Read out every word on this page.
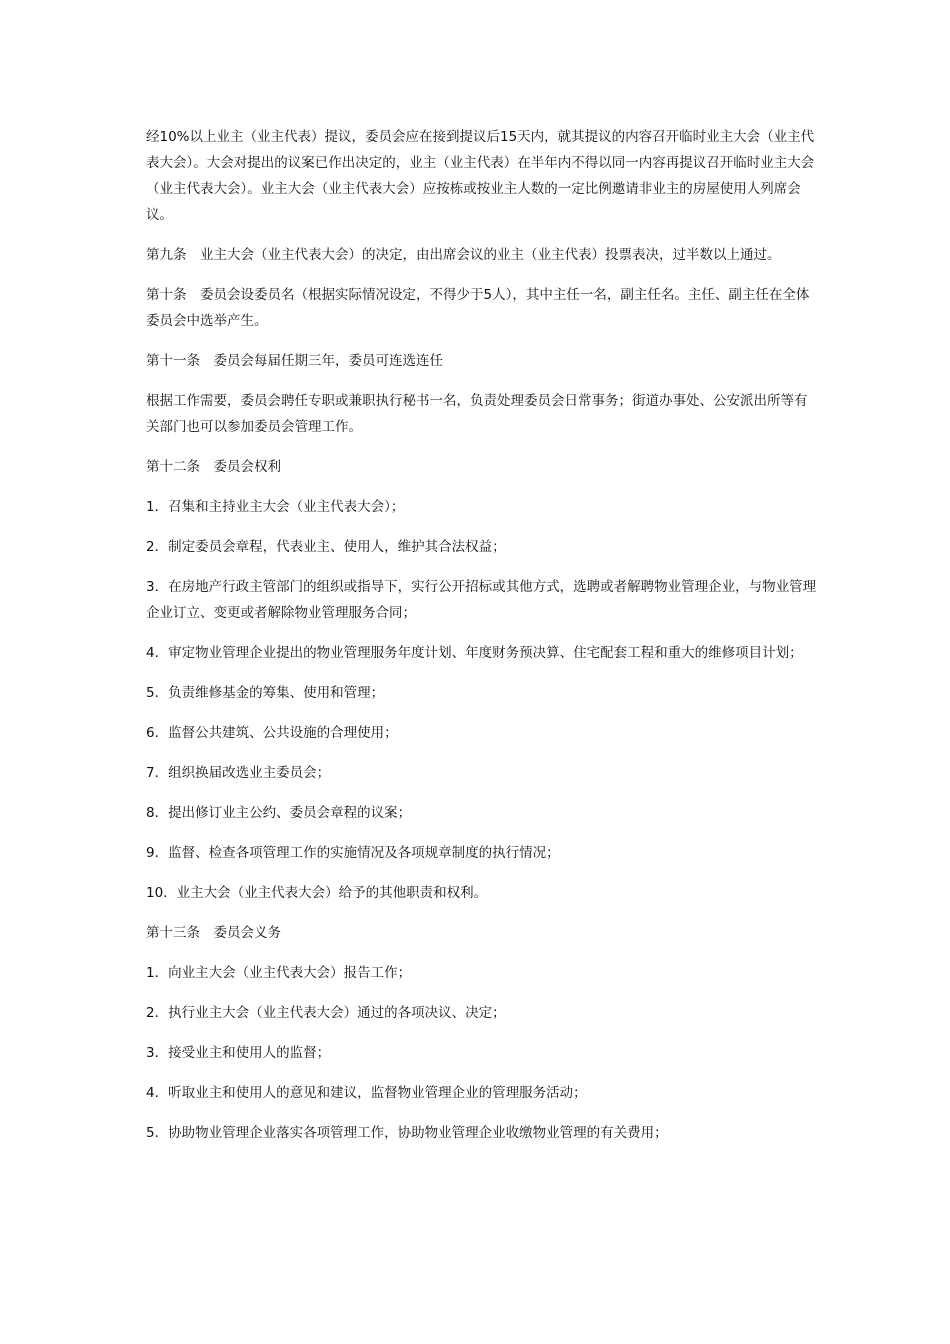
经10%以上业主（业主代表）提议，委员会应在接到提议后15天内，就其提议的内容召开临时业主大会（业主代表大会）。大会对提出的议案已作出决定的，业主（业主代表）在半年内不得以同一内容再提议召开临时业主大会（业主代表大会）。业主大会（业主代表大会）应按栋或按业主人数的一定比例邀请非业主的房屋使用人列席会议。

第九条　业主大会（业主代表大会）的决定，由出席会议的业主（业主代表）投票表决，过半数以上通过。

第十条　委员会设委员名（根据实际情况设定，不得少于5人），其中主任一名，副主任名。主任、副主任在全体委员会中选举产生。

第十一条　委员会每届任期三年，委员可连选连任

根据工作需要，委员会聘任专职或兼职执行秘书一名，负责处理委员会日常事务；街道办事处、公安派出所等有关部门也可以参加委员会管理工作。

第十二条　委员会权利

1．召集和主持业主大会（业主代表大会）；

2．制定委员会章程，代表业主、使用人，维护其合法权益；

3．在房地产行政主管部门的组织或指导下，实行公开招标或其他方式，选聘或者解聘物业管理企业，与物业管理企业订立、变更或者解除物业管理服务合同；

4．审定物业管理企业提出的物业管理服务年度计划、年度财务预决算、住宅配套工程和重大的维修项目计划；

5．负责维修基金的筹集、使用和管理；

6．监督公共建筑、公共设施的合理使用；

7．组织换届改选业主委员会；

8．提出修订业主公约、委员会章程的议案；

9．监督、检查各项管理工作的实施情况及各项规章制度的执行情况；

10．业主大会（业主代表大会）给予的其他职责和权利。

第十三条　委员会义务

1．向业主大会（业主代表大会）报告工作；

2．执行业主大会（业主代表大会）通过的各项决议、决定；

3．接受业主和使用人的监督；

4．听取业主和使用人的意见和建议，监督物业管理企业的管理服务活动；

5．协助物业管理企业落实各项管理工作，协助物业管理企业收缴物业管理的有关费用；
